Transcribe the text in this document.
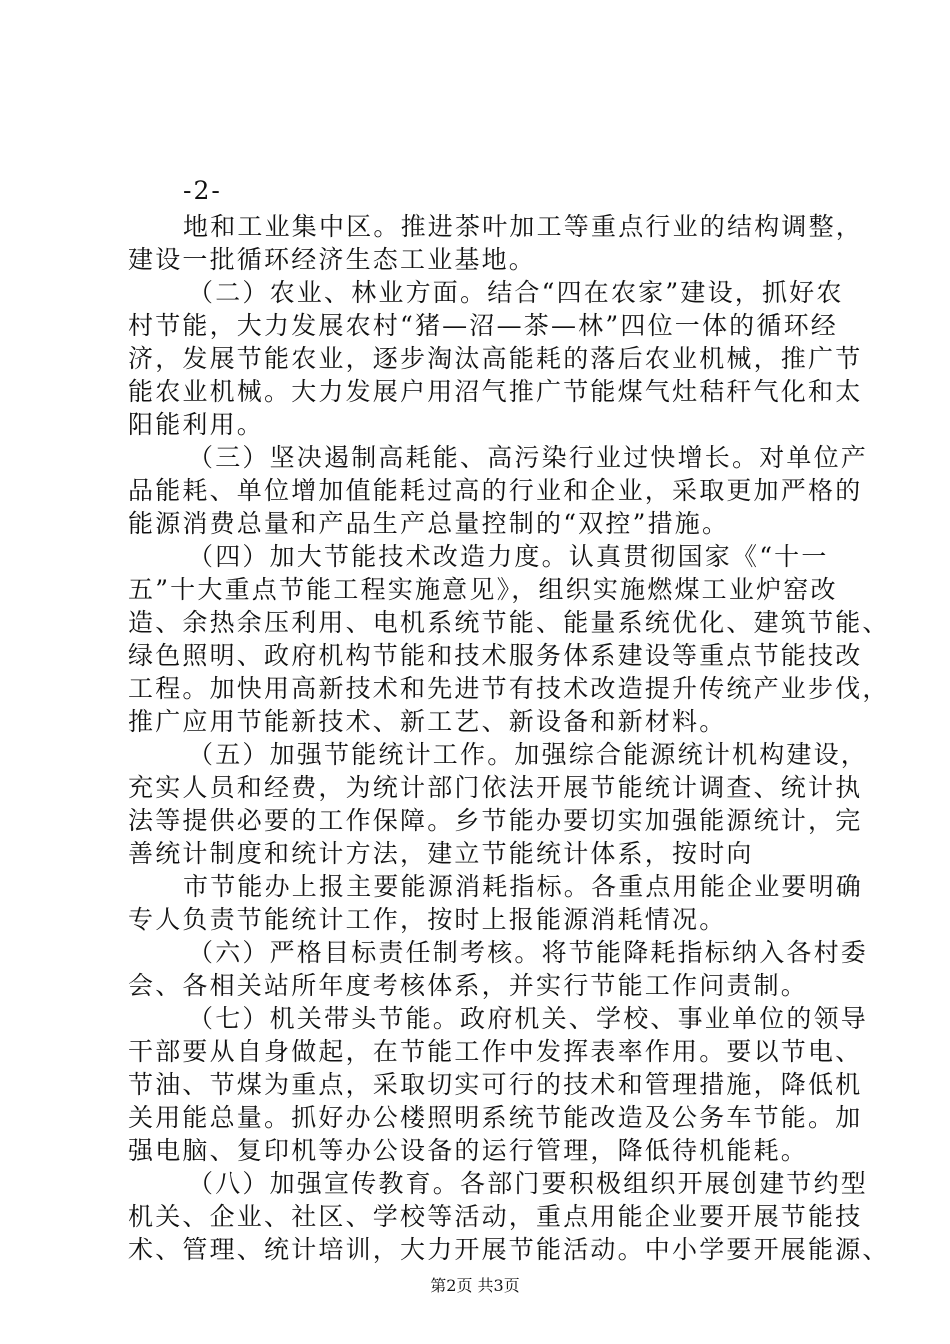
-2-
地和工业集中区。推进茶叶加工等重点行业的结构调整，
建设一批循环经济生态工业基地。
（二）农业、林业方面。结合“四在农家”建设，抓好农
村节能，大力发展农村“猪—沼—茶—林”四位一体的循环经
济，发展节能农业，逐步淘汰高能耗的落后农业机械，推广节
能农业机械。大力发展户用沼气推广节能煤气灶秸秆气化和太
阳能利用。
（三）坚决遏制高耗能、高污染行业过快增长。对单位产
品能耗、单位增加值能耗过高的行业和企业，采取更加严格的
能源消费总量和产品生产总量控制的“双控”措施。
（四）加大节能技术改造力度。认真贯彻国家《“十一
五”十大重点节能工程实施意见》，组织实施燃煤工业炉窑改
造、余热余压利用、电机系统节能、能量系统优化、建筑节能、
绿色照明、政府机构节能和技术服务体系建设等重点节能技改
工程。加快用高新技术和先进节有技术改造提升传统产业步伐，
推广应用节能新技术、新工艺、新设备和新材料。
（五）加强节能统计工作。加强综合能源统计机构建设，
充实人员和经费，为统计部门依法开展节能统计调查、统计执
法等提供必要的工作保障。乡节能办要切实加强能源统计，完
善统计制度和统计方法，建立节能统计体系，按时向
市节能办上报主要能源消耗指标。各重点用能企业要明确
专人负责节能统计工作，按时上报能源消耗情况。
（六）严格目标责任制考核。将节能降耗指标纳入各村委
会、各相关站所年度考核体系，并实行节能工作问责制。
（七）机关带头节能。政府机关、学校、事业单位的领导
干部要从自身做起，在节能工作中发挥表率作用。要以节电、
节油、节煤为重点，采取切实可行的技术和管理措施，降低机
关用能总量。抓好办公楼照明系统节能改造及公务车节能。加
强电脑、复印机等办公设备的运行管理，降低待机能耗。
（八）加强宣传教育。各部门要积极组织开展创建节约型
机关、企业、社区、学校等活动，重点用能企业要开展节能技
术、管理、统计培训，大力开展节能活动。中小学要开展能源、
第2页 共3页
